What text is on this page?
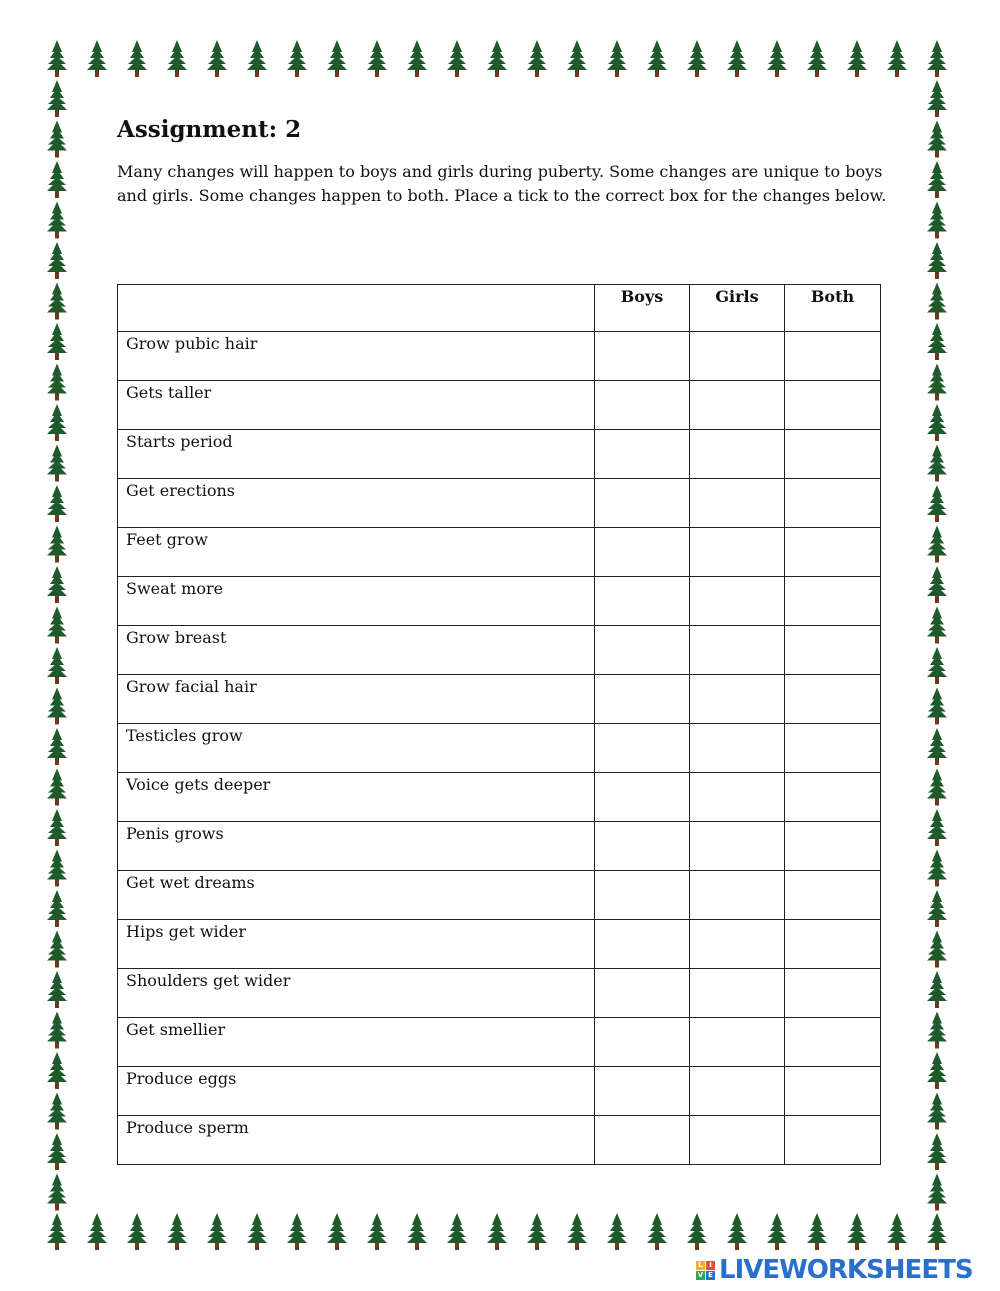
Assignment: 2

Many changes will happen to boys and girls during puberty. Some changes are unique to boys and girls. Some changes happen to both. Place a tick to the correct box for the changes below.

	Boys	Girls	Both
Grow pubic hair			
Gets taller			
Starts period			
Get erections			
Feet grow			
Sweat more			
Grow breast			
Grow facial hair			
Testicles grow			
Voice gets deeper			
Penis grows			
Get wet dreams			
Hips get wider			
Shoulders get wider			
Get smellier			
Produce eggs			
Produce sperm			
L I
V E LIVEWORKSHEETS
